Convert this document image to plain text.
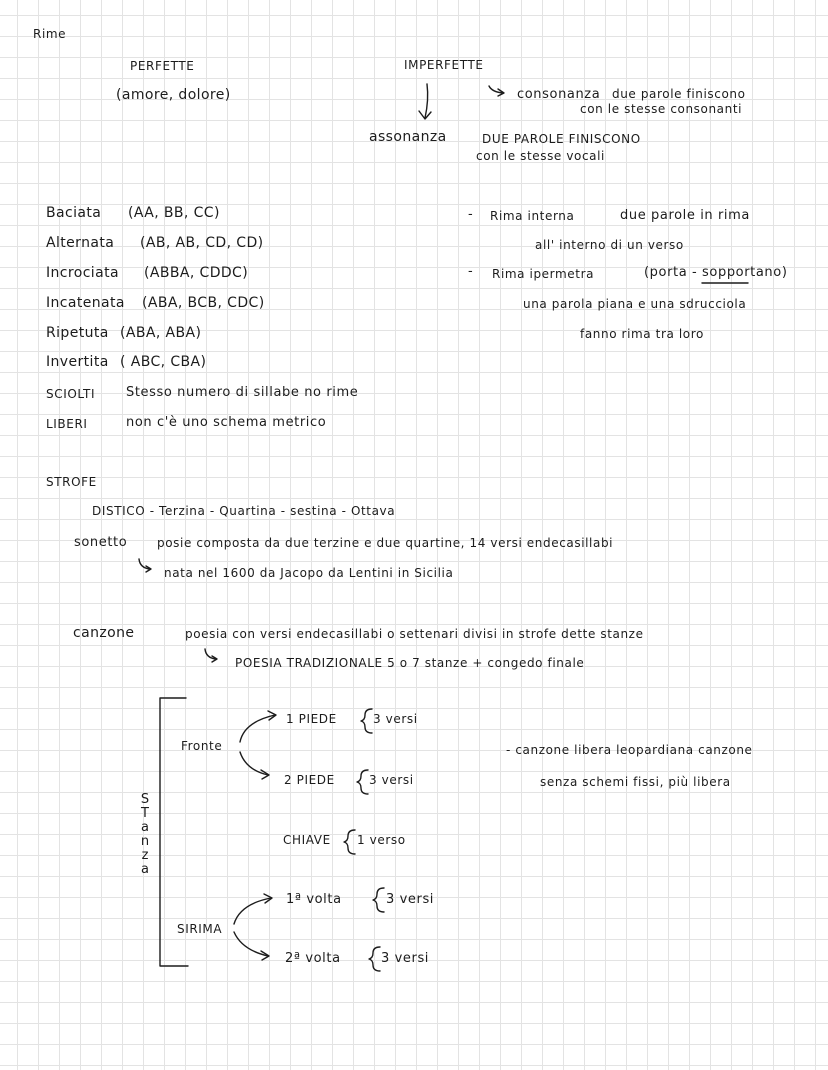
Rime
PERFETTE
(amore, dolore)
IMPERFETTE
consonanza due parole finiscono
con le stesse consonanti
assonanza	DUE PAROLE FINISCONO
con le stesse vocali
Baciata (AA, BB, CC)
Alternata (AB, AB, CD, CD)
Incrociata (ABBA, CDDC)
Incatenata (ABA, BCB, CDC)
Ripetuta (ABA, ABA)
Invertita ( ABC, CBA)
SCIOLTI Stesso numero di sillabe no rime
LIBERI	non c'è uno schema metrico
- Rima interna	due parole in rima
all' interno di un verso
- Rima ipermetra	(porta - sopportano)
una parola piana e una sdrucciola
fanno rima tra loro
STROFE
DISTICO - Terzina - Quartina - sestina - Ottava
sonetto posie composta da due terzine e due quartine, 14 versi endecasillabi
nata nel 1600 da Jacopo da Lentini in Sicilia
canzone	poesia con versi endecasillabi o settenari divisi in strofe dette stanze
POESIA TRADIZIONALE 5 o 7 stanze + congedo finale
S
T
a
n
z
a
Fronte
1 PIEDE	3 versi
2 PIEDE	3 versi
CHIAVE 1 verso
SIRIMA
1ª volta	3 versi
2ª volta	3 versi
- canzone libera leopardiana canzone
senza schemi fissi, più libera
